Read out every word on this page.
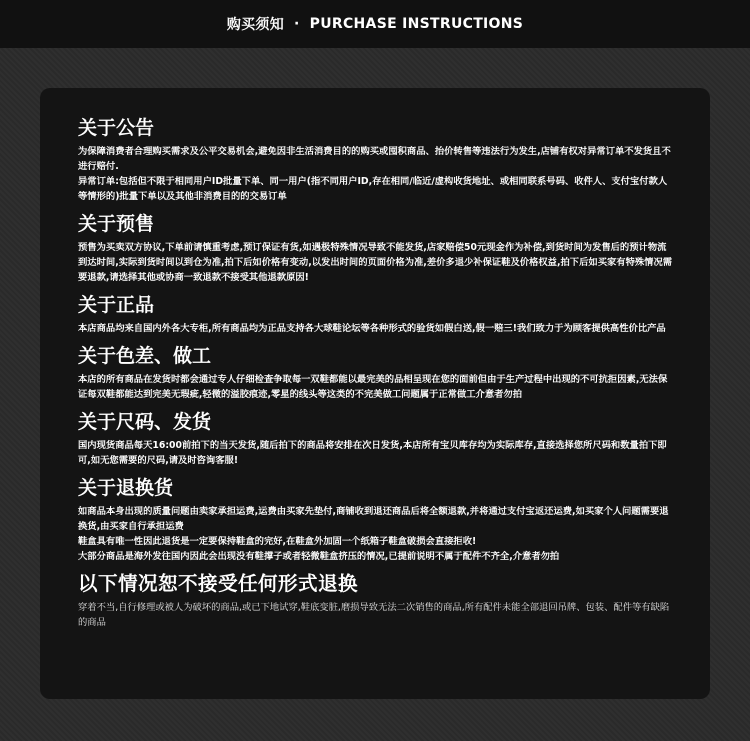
购买须知 · PURCHASE INSTRUCTIONS
关于公告

为保障消费者合理购买需求及公平交易机会,避免因非生活消费目的的购买或囤积商品、抬价转售等违法行为发生,店铺有权对异常订单不发货且不进行赔付.

异常订单:包括但不限于相同用户ID批量下单、同一用户(指不同用户ID,存在相同/临近/虚构收货地址、或相同联系号码、收件人、支付宝付款人等情形的)批量下单以及其他非消费目的的交易订单

关于预售

预售为买卖双方协议,下单前请慎重考虑,预订保证有货,如遇极特殊情况导致不能发货,店家赔偿50元现金作为补偿,到货时间为发售后的预计物流到达时间,实际到货时间以到仓为准,拍下后如价格有变动,以发出时间的页面价格为准,差价多退少补保证鞋及价格权益,拍下后如买家有特殊情况需要退款,请选择其他或协商一致退款不接受其他退款原因!

关于正品

本店商品均来自国内外各大专柜,所有商品均为正品支持各大球鞋论坛等各种形式的验货如假白送,假一赔三!我们致力于为顾客提供高性价比产品

关于色差、做工

本店的所有商品在发货时都会通过专人仔细检查争取每一双鞋都能以最完美的品相呈现在您的面前但由于生产过程中出现的不可抗拒因素,无法保证每双鞋都能达到完美无瑕疵,轻微的溢胶痕迹,零星的线头等这类的不完美做工问题属于正常做工介意者勿拍

关于尺码、发货

国内现货商品每天16:00前拍下的当天发货,随后拍下的商品将安排在次日发货,本店所有宝贝库存均为实际库存,直接选择您所尺码和数量拍下即可,如无您需要的尺码,请及时咨询客服!

关于退换货

如商品本身出现的质量问题由卖家承担运费,运费由买家先垫付,商铺收到退还商品后将全额退款,并将通过支付宝返还运费,如买家个人问题需要退换货,由买家自行承担运费

鞋盒具有唯一性因此退货是一定要保持鞋盒的完好,在鞋盒外加固一个纸箱子鞋盒破损会直接拒收!

大部分商品是海外发往国内因此会出现没有鞋撑子或者轻微鞋盒挤压的情况,已提前说明不属于配件不齐全,介意者勿拍

以下情况恕不接受任何形式退换

穿着不当,自行修理或被人为破坏的商品,或已下地试穿,鞋底变脏,磨损导致无法二次销售的商品,所有配件未能全部退回吊牌、包装、配件等有缺陷的商品
